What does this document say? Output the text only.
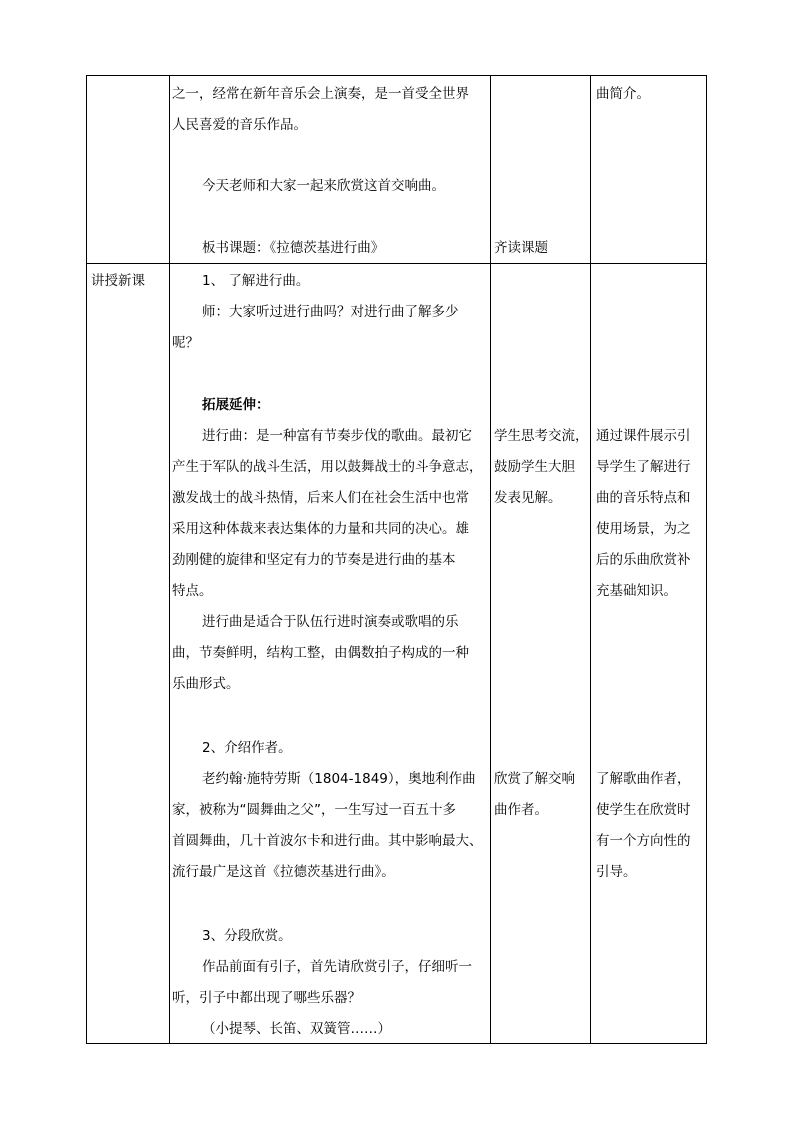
之一，经常在新年音乐会上演奏，是一首受全世界
人民喜爱的音乐作品。
今天老师和大家一起来欣赏这首交响曲。
板书课题：《拉德茨基进行曲》	齐读课题
曲简介。
讲授新课	1、 了解进行曲。
师：大家听过进行曲吗？对进行曲了解多少
呢？
拓展延伸：
进行曲：是一种富有节奏步伐的歌曲。最初它
产生于军队的战斗生活，用以鼓舞战士的斗争意志，
激发战士的战斗热情，后来人们在社会生活中也常
采用这种体裁来表达集体的力量和共同的决心。雄
劲刚健的旋律和坚定有力的节奏是进行曲的基本
特点。
进行曲是适合于队伍行进时演奏或歌唱的乐
曲，节奏鲜明，结构工整，由偶数拍子构成的一种
乐曲形式。
2、介绍作者。
老约翰·施特劳斯（1804-1849），奥地利作曲
家，被称为“圆舞曲之父”，一生写过一百五十多
首圆舞曲，几十首波尔卡和进行曲。其中影响最大、
流行最广是这首《拉德茨基进行曲》。
3、分段欣赏。
作品前面有引子，首先请欣赏引子，仔细听一
听，引子中都出现了哪些乐器？
（小提琴、长笛、双簧管……）
学生思考交流，
鼓励学生大胆
发表见解。
欣赏了解交响
曲作者。
通过课件展示引
导学生了解进行
曲的音乐特点和
使用场景，为之
后的乐曲欣赏补
充基础知识。
了解歌曲作者，
使学生在欣赏时
有一个方向性的
引导。
